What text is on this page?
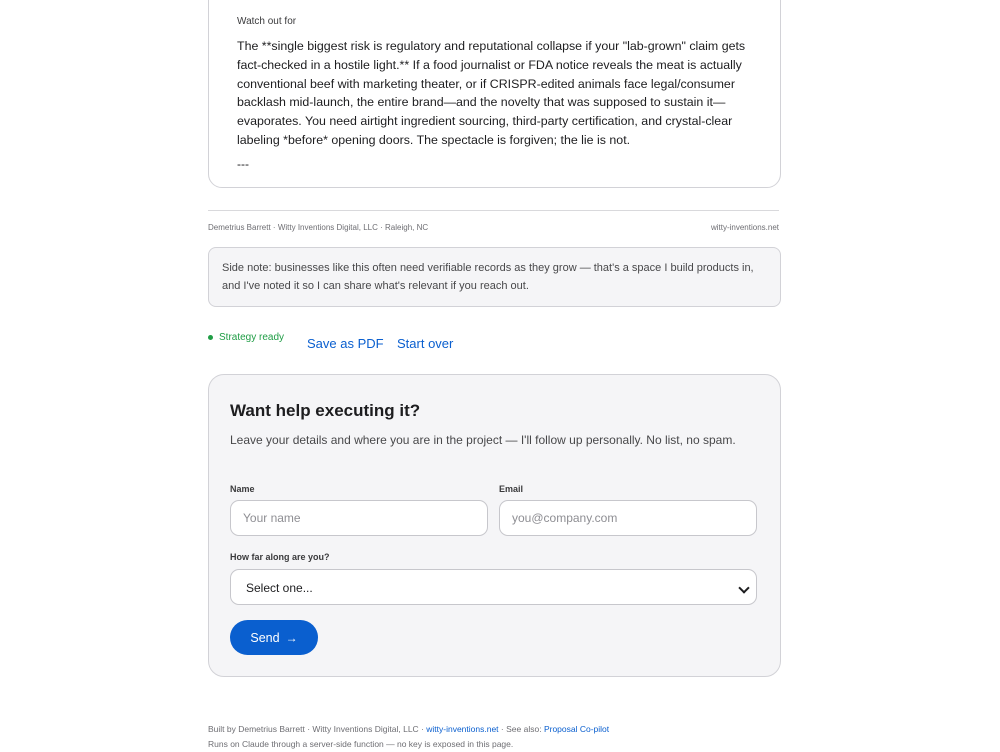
Watch out for

The **single biggest risk is regulatory and reputational collapse if your "lab-grown" claim gets fact-checked in a hostile light.** If a food journalist or FDA notice reveals the meat is actually conventional beef with marketing theater, or if CRISPR-edited animals face legal/consumer backlash mid-launch, the entire brand—and the novelty that was supposed to sustain it—evaporates. You need airtight ingredient sourcing, third-party certification, and crystal-clear labeling *before* opening doors. The spectacle is forgiven; the lie is not.

---
Demetrius Barrett · Witty Inventions Digital, LLC · Raleigh, NC	witty-inventions.net

Side note: businesses like this often need verifiable records as they grow — that's a space I build products in, and I've noted it so I can share what's relevant if you reach out.

Strategy ready Save as PDF Start over
Want help executing it?

Leave your details and where you are in the project — I'll follow up personally. No list, no spam.

Name
Your name	Email
you@company.com
How far along are you?
Select one...
Send →
Built by Demetrius Barrett · Witty Inventions Digital, LLC · witty-inventions.net · See also: Proposal Co-pilot
Runs on Claude through a server-side function — no key is exposed in this page.
